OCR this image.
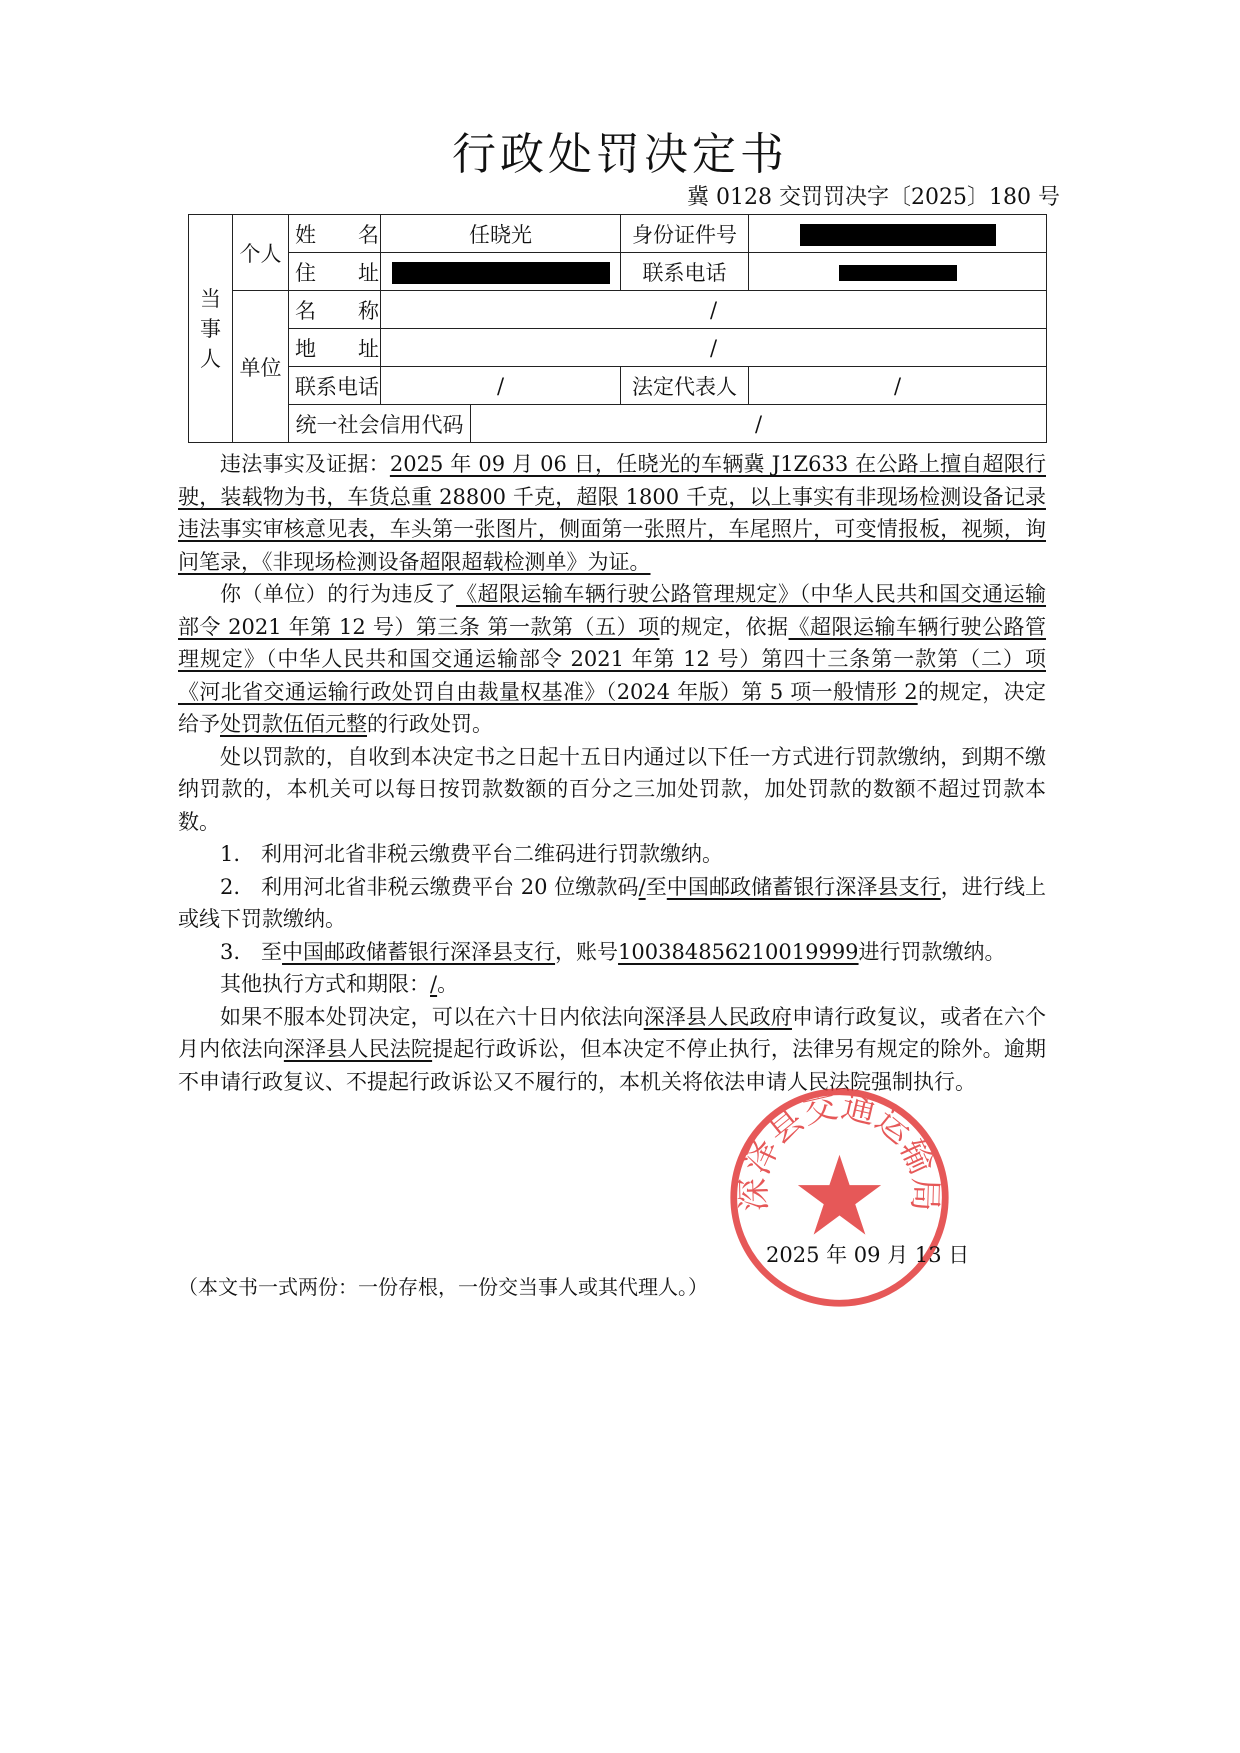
行政处罚决定书
冀 0128 交罚罚决字〔2025〕180 号
当事人	个人	姓　　名	任晓光		身份证件号	
		住　　址			联系电话	
	单位	名　　称	/			
		地　　址	/			
		联系电话	/		法定代表人	/
		统一社会信用代码		/		

违法事实及证据：2025 年 09 月 06 日，任晓光的车辆冀 J1Z633 在公路上擅自超限行驶，装载物为书，车货总重 28800 千克，超限 1800 千克，以上事实有非现场检测设备记录违法事实审核意见表，车头第一张图片，侧面第一张照片，车尾照片，可变情报板，视频，询问笔录，《非现场检测设备超限超载检测单》为证。

你（单位）的行为违反了《超限运输车辆行驶公路管理规定》（中华人民共和国交通运输部令 2021 年第 12 号）第三条 第一款第（五）项的规定，依据《超限运输车辆行驶公路管理规定》（中华人民共和国交通运输部令 2021 年第 12 号）第四十三条第一款第（二）项《河北省交通运输行政处罚自由裁量权基准》（2024 年版）第 5 项一般情形 2的规定，决定给予处罚款伍佰元整的行政处罚。

处以罚款的，自收到本决定书之日起十五日内通过以下任一方式进行罚款缴纳，到期不缴纳罚款的，本机关可以每日按罚款数额的百分之三加处罚款，加处罚款的数额不超过罚款本数。

1.　利用河北省非税云缴费平台二维码进行罚款缴纳。

2.　利用河北省非税云缴费平台 20 位缴款码/至中国邮政储蓄银行深泽县支行，进行线上或线下罚款缴纳。

3.　至中国邮政储蓄银行深泽县支行，账号100384856210019999进行罚款缴纳。

其他执行方式和期限：/。

如果不服本处罚决定，可以在六十日内依法向深泽县人民政府申请行政复议，或者在六个月内依法向深泽县人民法院提起行政诉讼，但本决定不停止执行，法律另有规定的除外。逾期不申请行政复议、不提起行政诉讼又不履行的，本机关将依法申请人民法院强制执行。

深泽县交通运输局
2025 年 09 月 13 日
（本文书一式两份：一份存根，一份交当事人或其代理人。）
